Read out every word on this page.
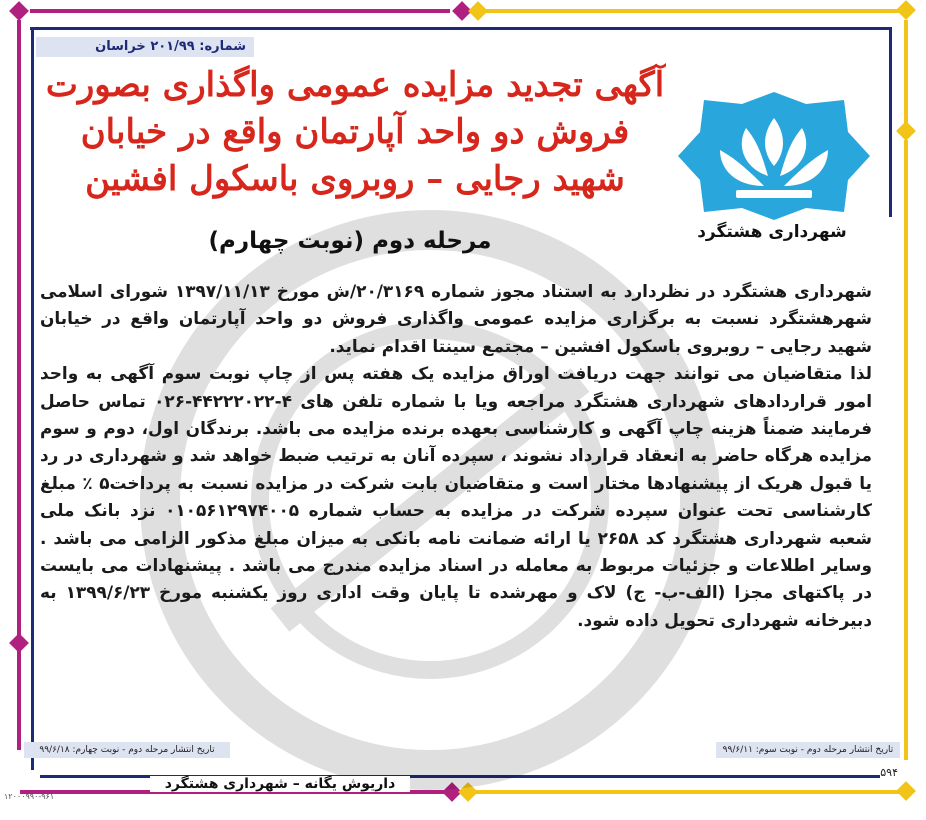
شماره: ۲۰۱/۹۹ خراسان
آگهی تجدید مزایده عمومی واگذاری بصورت فروش دو واحد آپارتمان واقع در خیابان شهید رجایی – روبروی باسکول افشین
مرحله دوم (نوبت چهارم)	شهرداری هشتگرد

شهرداری هشتگرد در نظردارد به استناد مجوز شماره ۲۰/۳۱۶۹/ش مورخ ۱۳۹۷/۱۱/۱۳ شورای اسلامی شهرهشتگرد نسبت به برگزاری مزایده عمومی واگذاری فروش دو واحد آپارتمان واقع در خیابان شهید رجایی – روبروی باسکول افشین – مجتمع سینتا اقدام نماید.

لذا متقاضیان می توانند جهت دریافت اوراق مزایده یک هفته پس از چاپ نوبت سوم آگهی به واحد امور قراردادهای شهرداری هشتگرد مراجعه ویا با شماره تلفن های ۴-۴۴۲۲۲۰۲۲-۰۲۶ تماس حاصل فرمایند ضمناً هزینه چاپ آگهی و کارشناسی بعهده برنده مزایده می باشد. برندگان اول، دوم و سوم مزایده هرگاه حاضر به انعقاد قرارداد نشوند ، سپرده آنان به ترتیب ضبط خواهد شد و شهرداری در رد یا قبول هریک از پیشنهادها مختار است و متقاضیان بابت شرکت در مزایده نسبت به پرداخت۵ ٪ مبلغ کارشناسی تحت عنوان سپرده شرکت در مزایده به حساب شماره ۰۱۰۵۶۱۲۹۷۴۰۰۵ نزد بانک ملی شعبه شهرداری هشتگرد کد ۲۶۵۸ یا ارائه ضمانت نامه بانکی به میزان مبلغ مذکور الزامی می باشد . وسایر اطلاعات و جزئیات مربوط به معامله در اسناد مزایده مندرج می باشد . پیشنهادات می بایست در پاکتهای مجزا (الف-ب- ج) لاک و مهرشده تا پایان وقت اداری روز یکشنبه مورخ ۱۳۹۹/۶/۲۳ به دبیرخانه شهرداری تحویل داده شود.

تاریخ انتشار مرحله دوم - نوبت چهارم: ۹۹/۶/۱۸	تاریخ انتشار مرحله دوم - نوبت سوم: ۹۹/۶/۱۱
۵۹۴
داریوش یگانه – شهرداری هشتگرد
۱۲۰۰۰۹۹۰-۹۶۱
